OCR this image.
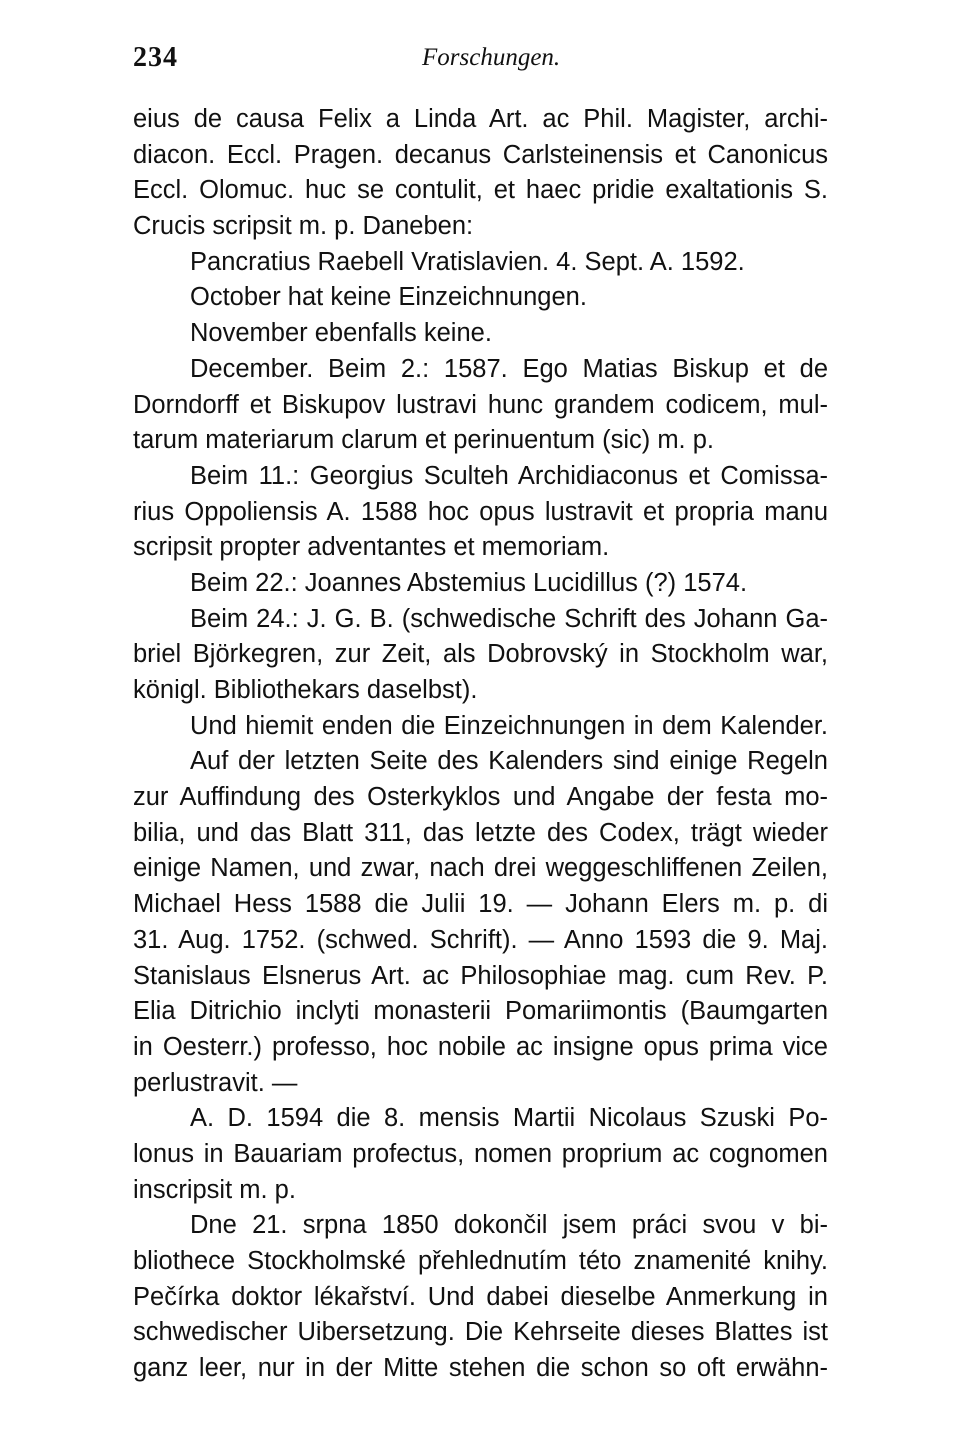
234	Forschungen.
eius de causa Felix a Linda Art. ac Phil. Magister, archi-
diacon. Eccl. Pragen. decanus Carlsteinensis et Canonicus
Eccl. Olomuc. huc se contulit, et haec pridie exaltationis S.
Crucis scripsit m. p. Daneben:
Pancratius Raebell Vratislavien. 4. Sept. A. 1592.
October hat keine Einzeichnungen.
November ebenfalls keine.
December. Beim 2.: 1587. Ego Matias Biskup et de
Dorndorff et Biskupov lustravi hunc grandem codicem, mul-
tarum materiarum clarum et perinuentum (sic) m. p.
Beim 11.: Georgius Sculteh Archidiaconus et Comissa-
rius Oppoliensis A. 1588 hoc opus lustravit et propria manu
scripsit propter adventantes et memoriam.
Beim 22.: Joannes Abstemius Lucidillus (?) 1574.
Beim 24.: J. G. B. (schwedische Schrift des Johann Ga-
briel Björkegren, zur Zeit, als Dobrovský in Stockholm war,
königl. Bibliothekars daselbst).
Und hiemit enden die Einzeichnungen in dem Kalender.
Auf der letzten Seite des Kalenders sind einige Regeln
zur Auffindung des Osterkyklos und Angabe der festa mo-
bilia, und das Blatt 311, das letzte des Codex, trägt wieder
einige Namen, und zwar, nach drei weggeschliffenen Zeilen,
Michael Hess 1588 die Julii 19. — Johann Elers m. p. di
31. Aug. 1752. (schwed. Schrift). — Anno 1593 die 9. Maj.
Stanislaus Elsnerus Art. ac Philosophiae mag. cum Rev. P.
Elia Ditrichio inclyti monasterii Pomariimontis (Baumgarten
in Oesterr.) professo, hoc nobile ac insigne opus prima vice
perlustravit. —
A. D. 1594 die 8. mensis Martii Nicolaus Szuski Po-
lonus in Bauariam profectus, nomen proprium ac cognomen
inscripsit m. p.
Dne 21. srpna 1850 dokončil jsem práci svou v bi-
bliothece Stockholmské přehlednutím této znamenité knihy.
Pečírka doktor lékařství. Und dabei dieselbe Anmerkung in
schwedischer Uibersetzung. Die Kehrseite dieses Blattes ist
ganz leer, nur in der Mitte stehen die schon so oft erwähn-
